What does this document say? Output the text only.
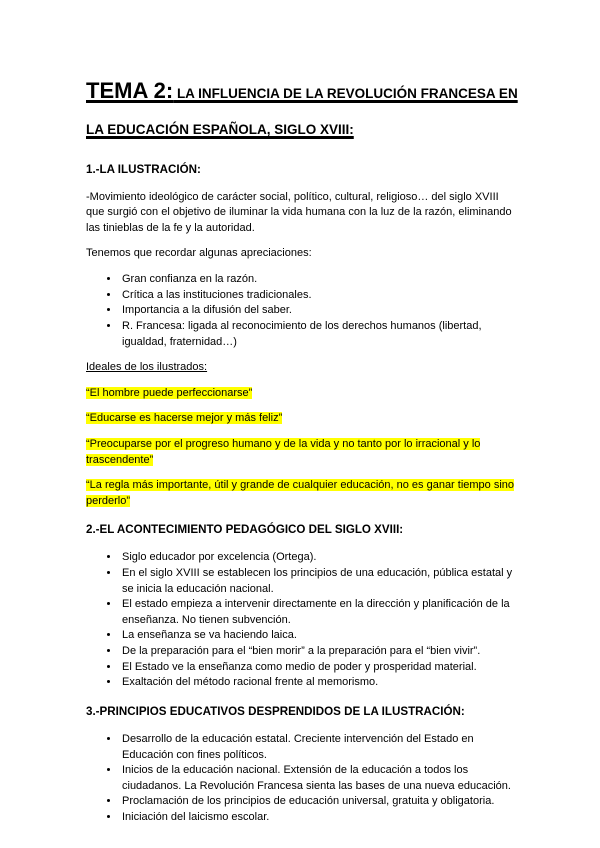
TEMA 2: LA INFLUENCIA DE LA REVOLUCIÓN FRANCESA EN LA EDUCACIÓN ESPAÑOLA, SIGLO XVIII:
1.-LA ILUSTRACIÓN:

-Movimiento ideológico de carácter social, político, cultural, religioso… del siglo XVIII que surgió con el objetivo de iluminar la vida humana con la luz de la razón, eliminando las tinieblas de la fe y la autoridad.

Tenemos que recordar algunas apreciaciones:

• Gran confianza en la razón.
• Crítica a las instituciones tradicionales.
• Importancia a la difusión del saber.
• R. Francesa: ligada al reconocimiento de los derechos humanos (libertad, igualdad, fraternidad…)

Ideales de los ilustrados:

“El hombre puede perfeccionarse”

“Educarse es hacerse mejor y más feliz”

“Preocuparse por el progreso humano y de la vida y no tanto por lo irracional y lo trascendente”

“La regla más importante, útil y grande de cualquier educación, no es ganar tiempo sino perderlo”

2.-EL ACONTECIMIENTO PEDAGÓGICO DEL SIGLO XVIII:
• Siglo educador por excelencia (Ortega).
• En el siglo XVIII se establecen los principios de una educación, pública estatal y se inicia la educación nacional.
• El estado empieza a intervenir directamente en la dirección y planificación de la enseñanza. No tienen subvención.
• La enseñanza se va haciendo laica.
• De la preparación para el “bien morir” a la preparación para el “bien vivir”.
• El Estado ve la enseñanza como medio de poder y prosperidad material.
• Exaltación del método racional frente al memorismo.
3.-PRINCIPIOS EDUCATIVOS DESPRENDIDOS DE LA ILUSTRACIÓN:
• Desarrollo de la educación estatal. Creciente intervención del Estado en Educación con fines políticos.
• Inicios de la educación nacional. Extensión de la educación a todos los ciudadanos. La Revolución Francesa sienta las bases de una nueva educación.
• Proclamación de los principios de educación universal, gratuita y obligatoria.
• Iniciación del laicismo escolar.
